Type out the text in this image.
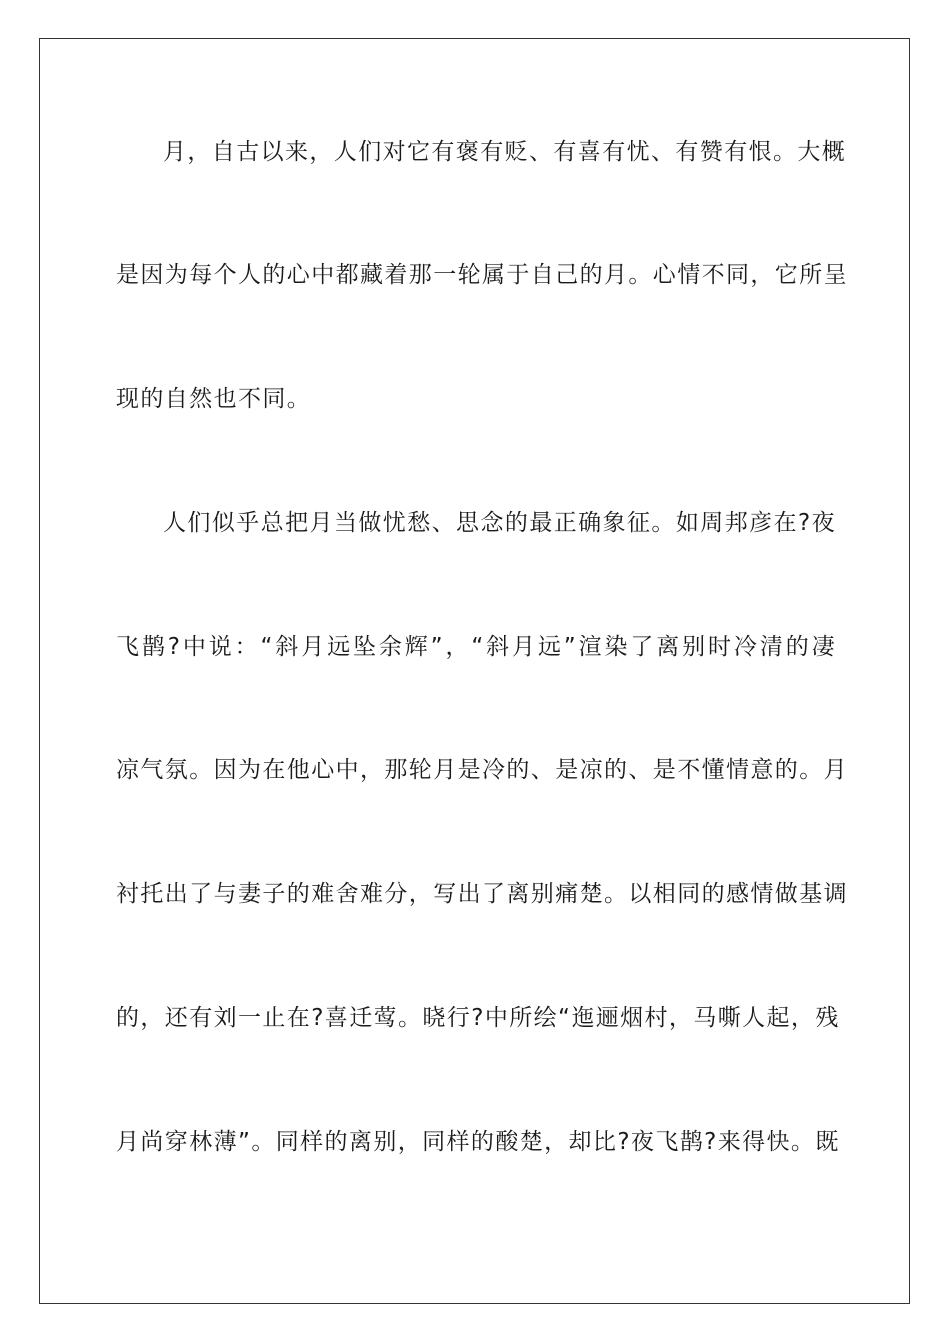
月，自古以来，人们对它有褒有贬、有喜有忧、有赞有恨。大概
是因为每个人的心中都藏着那一轮属于自己的月。心情不同，它所呈
现的自然也不同。
人们似乎总把月当做忧愁、思念的最正确象征。如周邦彦在?夜
飞鹊?中说：“斜月远坠余辉”，“斜月远”渲染了离别时冷清的凄
凉气氛。因为在他心中，那轮月是冷的、是凉的、是不懂情意的。月
衬托出了与妻子的难舍难分，写出了离别痛楚。以相同的感情做基调
的，还有刘一止在?喜迁莺。晓行?中所绘“迤逦烟村，马嘶人起，残
月尚穿林薄”。同样的离别，同样的酸楚，却比?夜飞鹊?来得快。既
